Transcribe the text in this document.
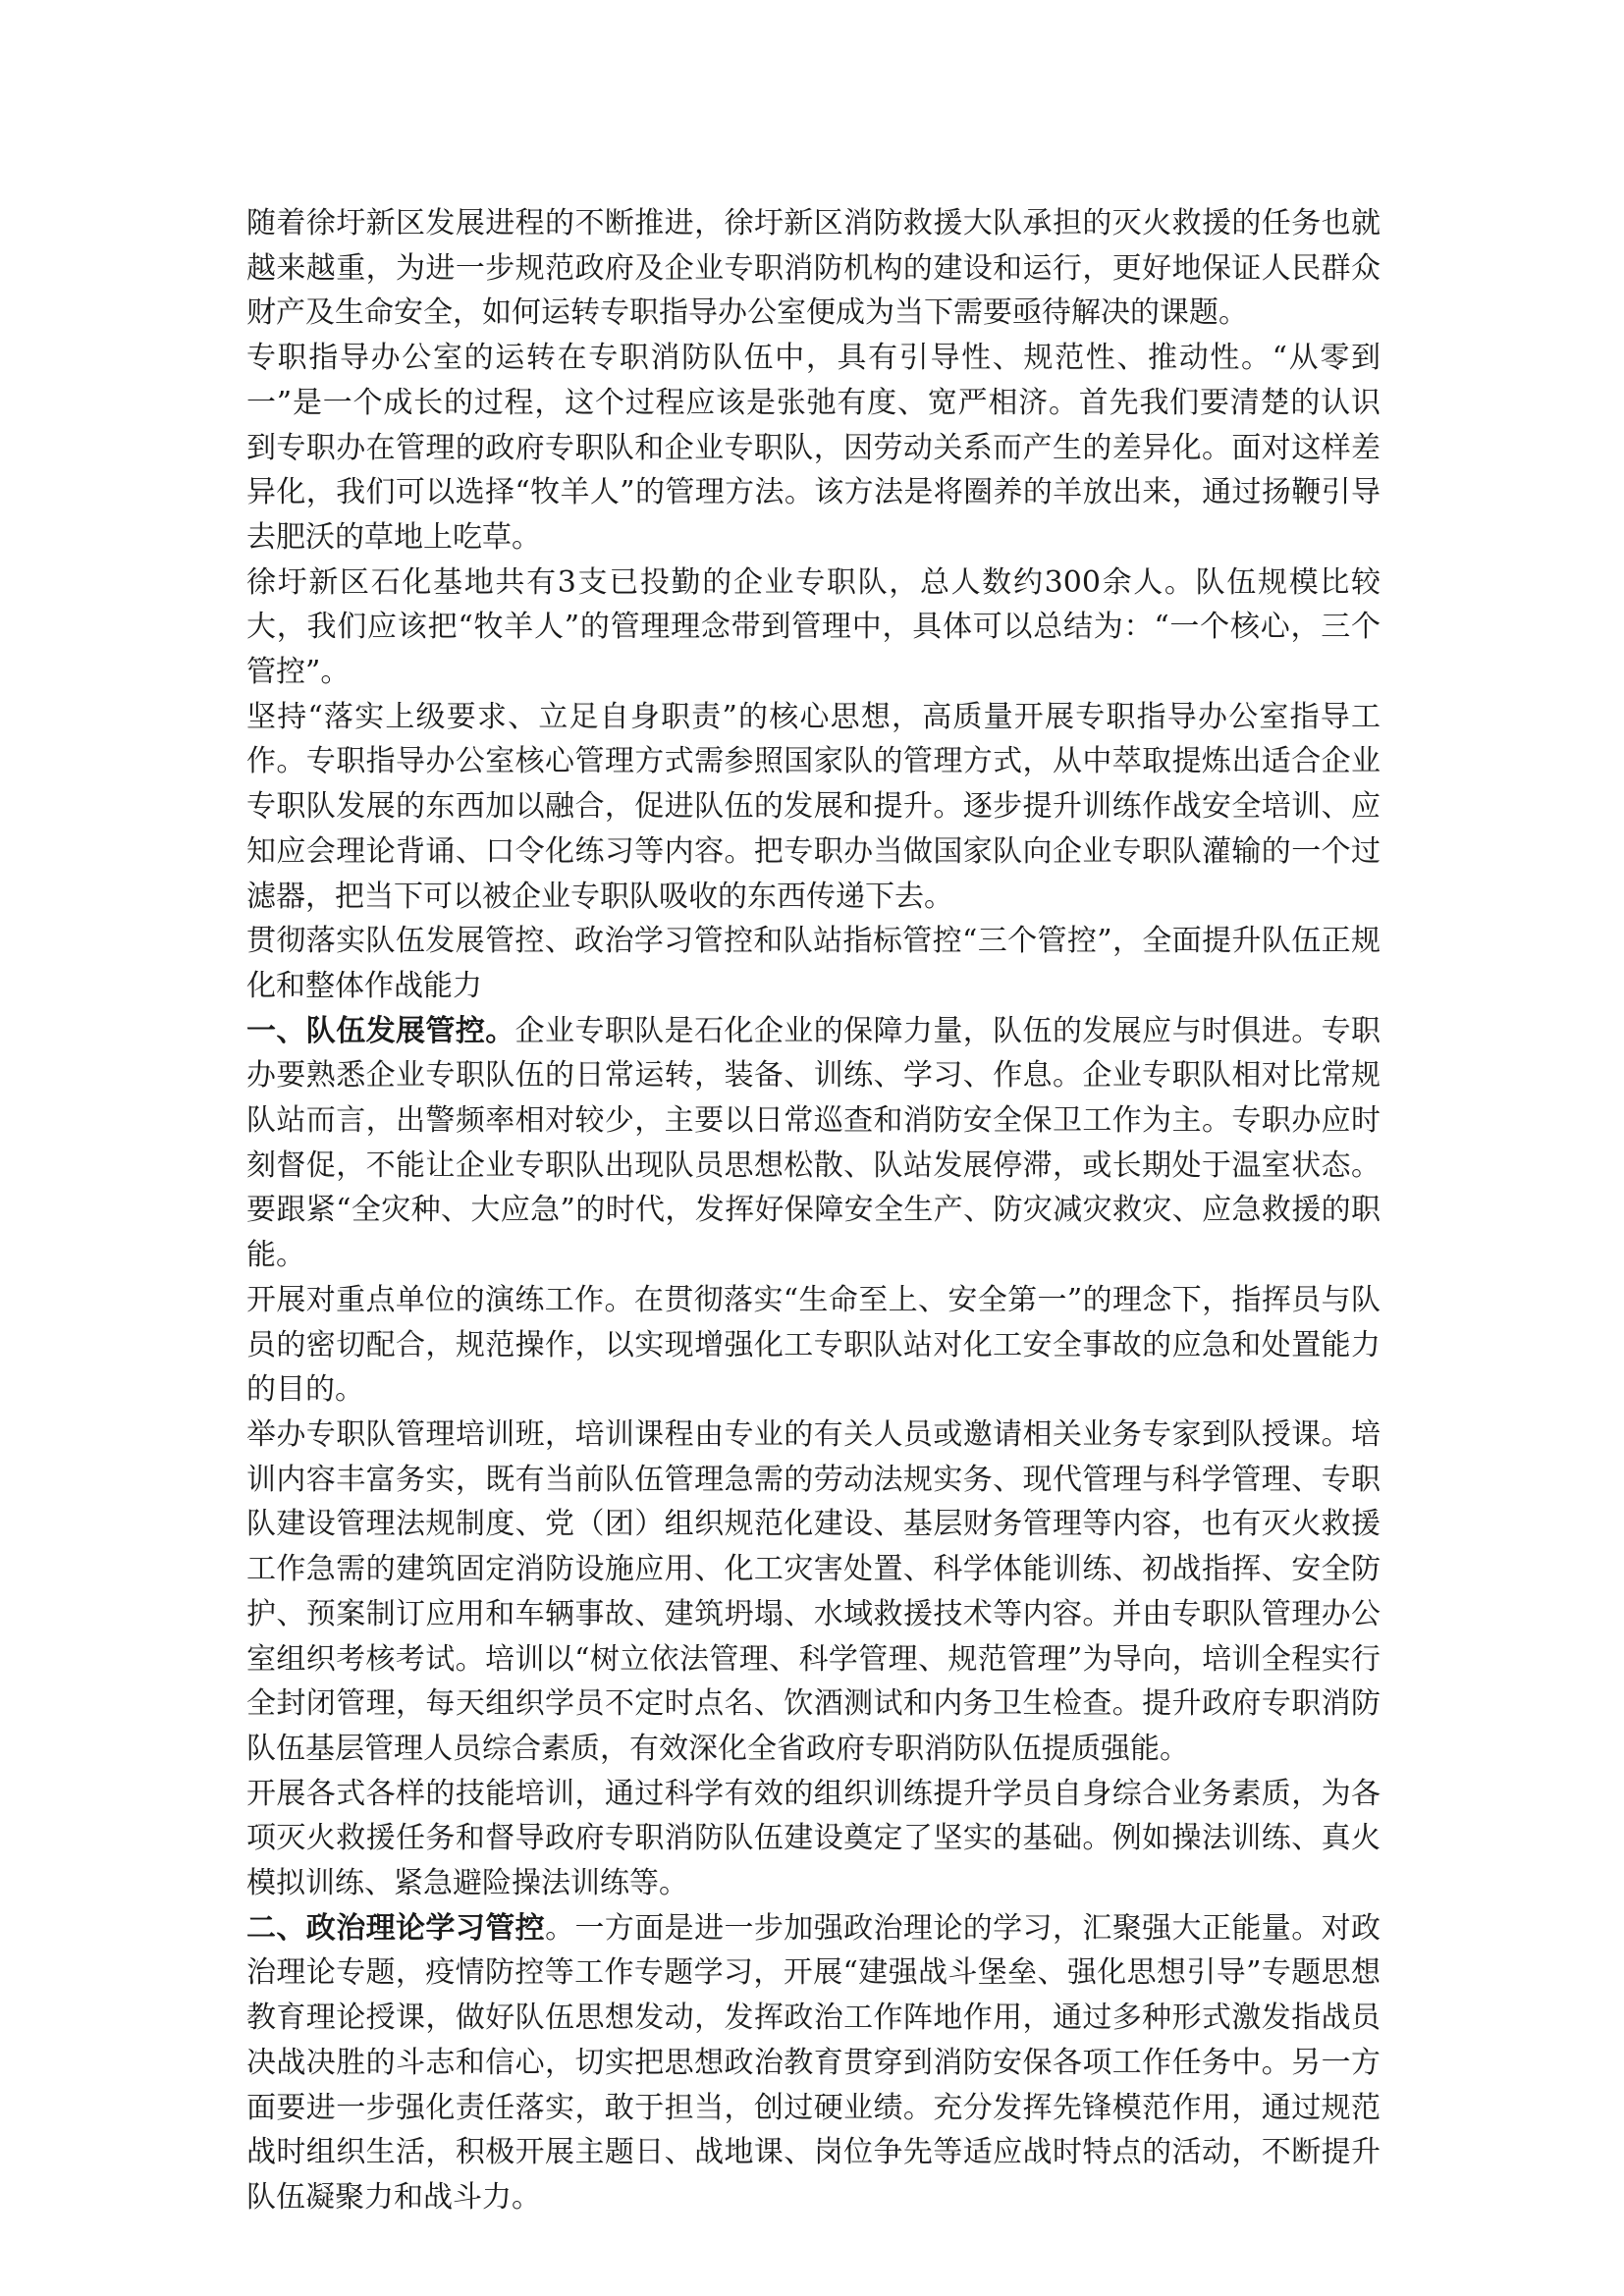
随着徐圩新区发展进程的不断推进，徐圩新区消防救援大队承担的灭火救援的任务也就越来越重，为进一步规范政府及企业专职消防机构的建设和运行，更好地保证人民群众财产及生命安全，如何运转专职指导办公室便成为当下需要亟待解决的课题。

专职指导办公室的运转在专职消防队伍中，具有引导性、规范性、推动性。“从零到一”是一个成长的过程，这个过程应该是张弛有度、宽严相济。首先我们要清楚的认识到专职办在管理的政府专职队和企业专职队，因劳动关系而产生的差异化。面对这样差异化，我们可以选择“牧羊人”的管理方法。该方法是将圈养的羊放出来，通过扬鞭引导去肥沃的草地上吃草。

徐圩新区石化基地共有3支已投勤的企业专职队，总人数约300余人。队伍规模比较大，我们应该把“牧羊人”的管理理念带到管理中，具体可以总结为：“一个核心，三个管控”。

坚持“落实上级要求、立足自身职责”的核心思想，高质量开展专职指导办公室指导工作。专职指导办公室核心管理方式需参照国家队的管理方式，从中萃取提炼出适合企业专职队发展的东西加以融合，促进队伍的发展和提升。逐步提升训练作战安全培训、应知应会理论背诵、口令化练习等内容。把专职办当做国家队向企业专职队灌输的一个过滤器，把当下可以被企业专职队吸收的东西传递下去。

贯彻落实队伍发展管控、政治学习管控和队站指标管控“三个管控”，全面提升队伍正规化和整体作战能力

一、队伍发展管控。企业专职队是石化企业的保障力量，队伍的发展应与时俱进。专职办要熟悉企业专职队伍的日常运转，装备、训练、学习、作息。企业专职队相对比常规队站而言，出警频率相对较少，主要以日常巡查和消防安全保卫工作为主。专职办应时刻督促，不能让企业专职队出现队员思想松散、队站发展停滞，或长期处于温室状态。要跟紧“全灾种、大应急”的时代，发挥好保障安全生产、防灾减灾救灾、应急救援的职能。

开展对重点单位的演练工作。在贯彻落实“生命至上、安全第一”的理念下，指挥员与队员的密切配合，规范操作，以实现增强化工专职队站对化工安全事故的应急和处置能力的目的。

举办专职队管理培训班，培训课程由专业的有关人员或邀请相关业务专家到队授课。培训内容丰富务实，既有当前队伍管理急需的劳动法规实务、现代管理与科学管理、专职队建设管理法规制度、党（团）组织规范化建设、基层财务管理等内容，也有灭火救援工作急需的建筑固定消防设施应用、化工灾害处置、科学体能训练、初战指挥、安全防护、预案制订应用和车辆事故、建筑坍塌、水域救援技术等内容。并由专职队管理办公室组织考核考试。培训以“树立依法管理、科学管理、规范管理”为导向，培训全程实行全封闭管理，每天组织学员不定时点名、饮酒测试和内务卫生检查。提升政府专职消防队伍基层管理人员综合素质，有效深化全省政府专职消防队伍提质强能。

开展各式各样的技能培训，通过科学有效的组织训练提升学员自身综合业务素质，为各项灭火救援任务和督导政府专职消防队伍建设奠定了坚实的基础。例如操法训练、真火模拟训练、紧急避险操法训练等。

二、政治理论学习管控。一方面是进一步加强政治理论的学习，汇聚强大正能量。对政治理论专题，疫情防控等工作专题学习，开展“建强战斗堡垒、强化思想引导”专题思想教育理论授课，做好队伍思想发动，发挥政治工作阵地作用，通过多种形式激发指战员决战决胜的斗志和信心，切实把思想政治教育贯穿到消防安保各项工作任务中。另一方面要进一步强化责任落实，敢于担当，创过硬业绩。充分发挥先锋模范作用，通过规范战时组织生活，积极开展主题日、战地课、岗位争先等适应战时特点的活动，不断提升队伍凝聚力和战斗力。
